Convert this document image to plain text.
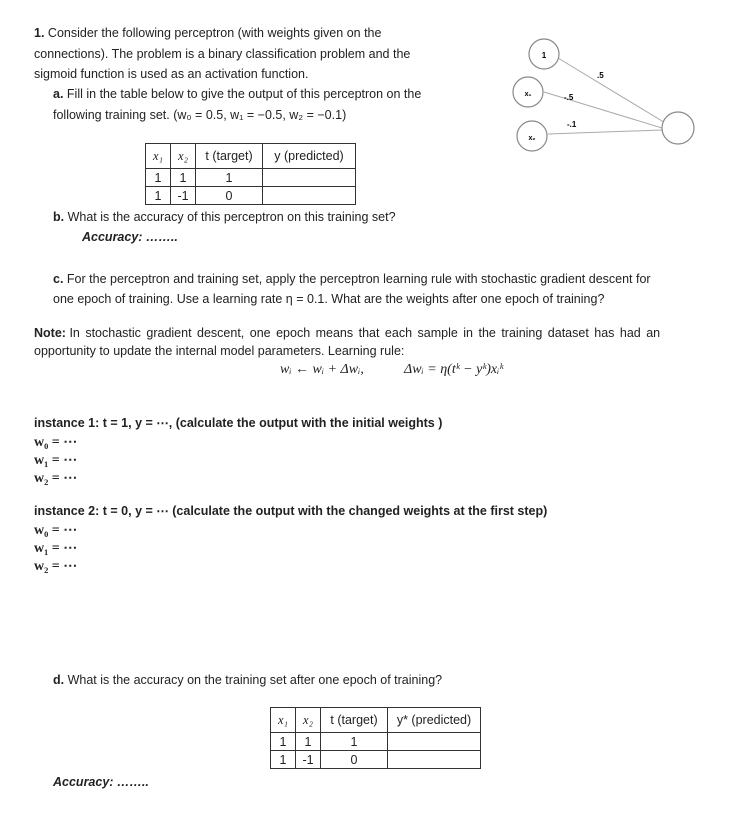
1. Consider the following perceptron (with weights given on the
connections). The problem is a binary classification problem and the
sigmoid function is used as an activation function.
a. Fill in the table below to give the output of this perceptron on the
following training set. (w₀ = 0.5, w₁ = −0.5, w₂ = −0.1)
1
x₁
x₂
.5
-.5
-.1
x₁	x₂	t (target)	y (predicted)
1	1	1	
1	-1	0	
b. What is the accuracy of this perceptron on this training set?
Accuracy: ……..
c. For the perceptron and training set, apply the perceptron learning rule with stochastic gradient descent for
one epoch of training. Use a learning rate η = 0.1. What are the weights after one epoch of training?
Note: In stochastic gradient descent, one epoch means that each sample in the training dataset has had an
opportunity to update the internal model parameters. Learning rule:
wᵢ ← wᵢ + Δwᵢ,	Δwᵢ = η(tᵏ − yᵏ)xᵢᵏ
instance 1: t = 1, y = ⋯, (calculate the output with the initial weights )
w₀ = ⋯
w₁ = ⋯
w₂ = ⋯
instance 2: t = 0, y = ⋯ (calculate the output with the changed weights at the first step)
w₀ = ⋯
w₁ = ⋯
w₂ = ⋯
d. What is the accuracy on the training set after one epoch of training?
x₁	x₂	t (target)	y* (predicted)
1	1	1	
1	-1	0	
Accuracy: ……..
